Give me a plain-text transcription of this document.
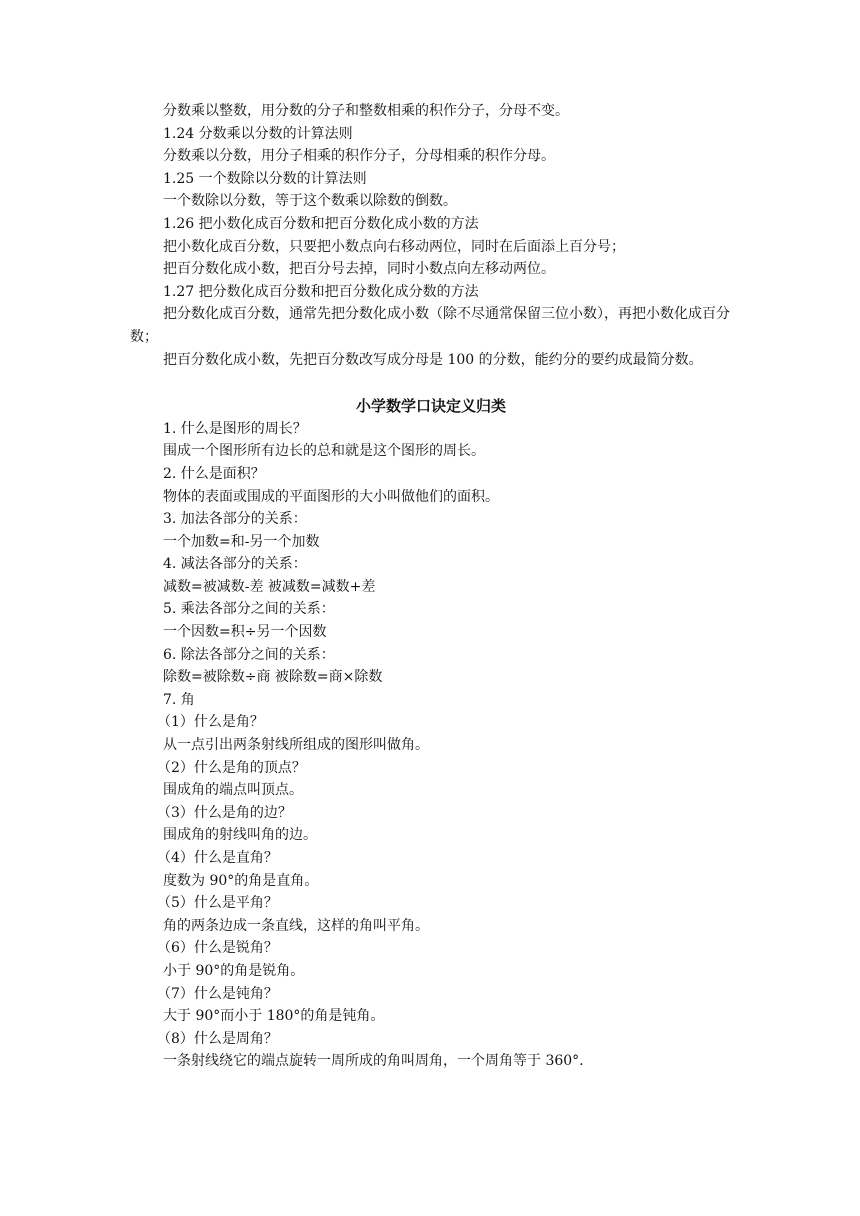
分数乘以整数，用分数的分子和整数相乘的积作分子，分母不变。

1.24 分数乘以分数的计算法则

分数乘以分数，用分子相乘的积作分子，分母相乘的积作分母。

1.25 一个数除以分数的计算法则

一个数除以分数，等于这个数乘以除数的倒数。

1.26 把小数化成百分数和把百分数化成小数的方法

把小数化成百分数，只要把小数点向右移动两位，同时在后面添上百分号；

把百分数化成小数，把百分号去掉，同时小数点向左移动两位。

1.27 把分数化成百分数和把百分数化成分数的方法

把分数化成百分数，通常先把分数化成小数（除不尽通常保留三位小数），再把小数化成百分数；

把百分数化成小数，先把百分数改写成分母是 100 的分数，能约分的要约成最简分数。

小学数学口诀定义归类

1. 什么是图形的周长？

围成一个图形所有边长的总和就是这个图形的周长。

2. 什么是面积？

物体的表面或围成的平面图形的大小叫做他们的面积。

3. 加法各部分的关系：

一个加数=和-另一个加数

4. 减法各部分的关系：

减数=被减数-差 被减数=减数+差

5. 乘法各部分之间的关系：

一个因数=积÷另一个因数

6. 除法各部分之间的关系：

除数=被除数÷商 被除数=商×除数

7. 角

（1）什么是角？

从一点引出两条射线所组成的图形叫做角。

（2）什么是角的顶点？

围成角的端点叫顶点。

（3）什么是角的边？

围成角的射线叫角的边。

（4）什么是直角？

度数为 90°的角是直角。

（5）什么是平角？

角的两条边成一条直线，这样的角叫平角。

（6）什么是锐角？

小于 90°的角是锐角。

（7）什么是钝角？

大于 90°而小于 180°的角是钝角。

（8）什么是周角？

一条射线绕它的端点旋转一周所成的角叫周角，一个周角等于 360°.
